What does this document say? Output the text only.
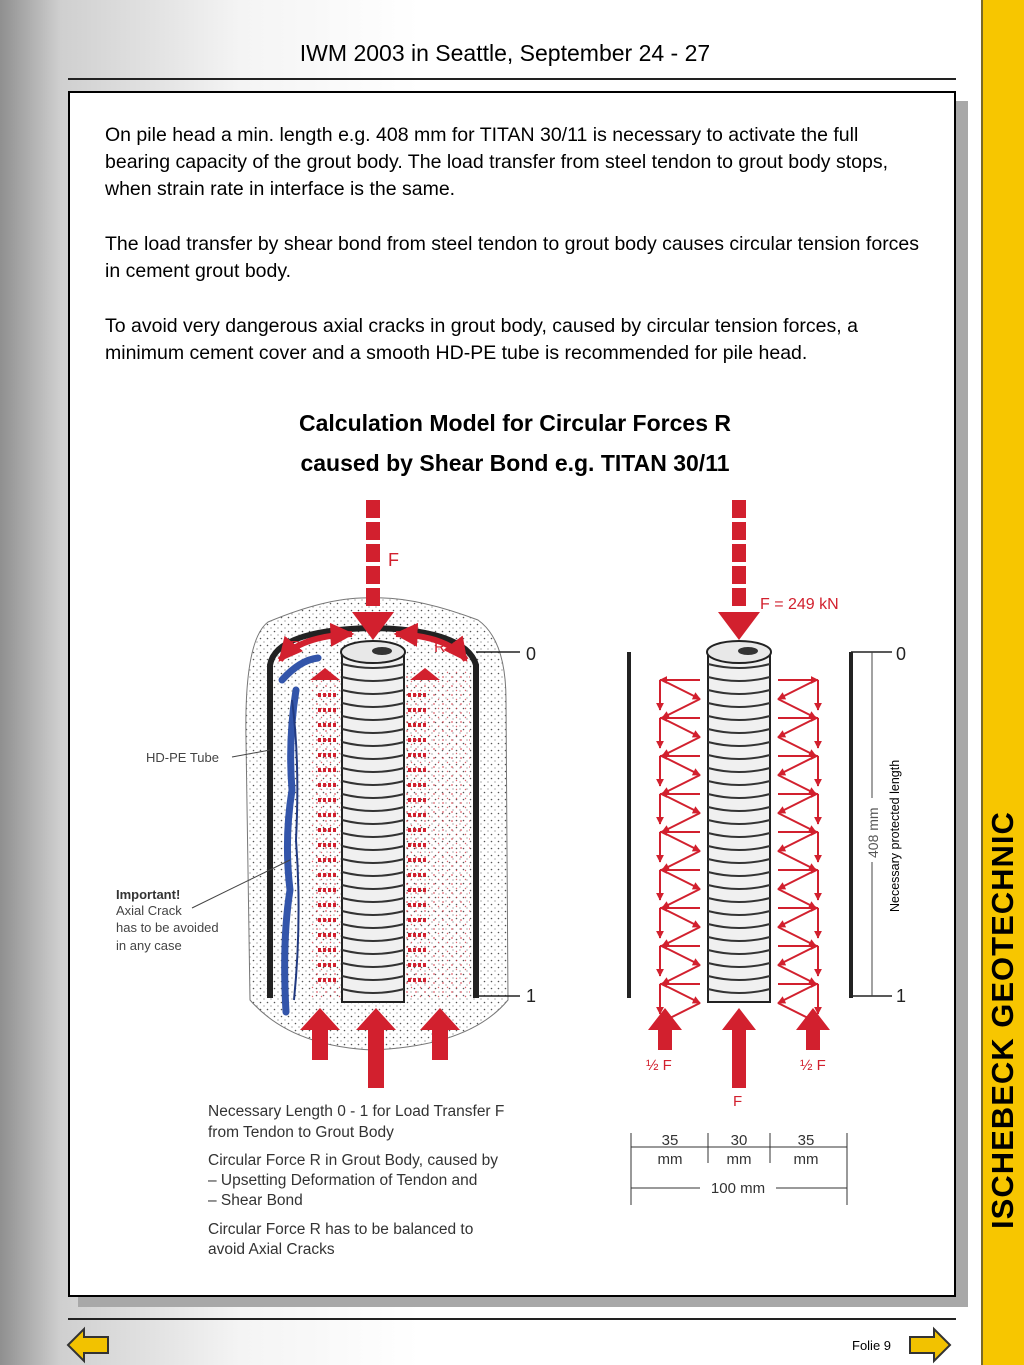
ISCHEBECK GEOTECHNIC
IWM 2003 in Seattle, September 24 - 27
On pile head a min. length e.g. 408 mm for TITAN 30/11 is necessary to activate the full bearing capacity of the grout body. The load transfer from steel tendon to grout body stops, when strain rate in interface is the same.
The load transfer by shear bond from steel tendon to grout body causes circular tension forces in cement grout body.
To avoid very dangerous axial cracks in grout body, caused by circular tension forces, a minimum cement cover and a smooth HD-PE tube is recommended for pile head.
Calculation Model for Circular Forces R
caused by Shear Bond e.g. TITAN 30/11
F
R	R	0
1
HD-PE Tube
Important!
Axial Crack
has to be avoided
in any case
Necessary Length 0 - 1 for Load Transfer F
from Tendon to Grout Body
Circular Force R in Grout Body, caused by
– Upsetting Deformation of Tendon and
– Shear Bond
Circular Force R has to be balanced to
avoid Axial Cracks
F = 249 kN
½ F	½ F
F
0
1
408 mm Necessary protected length
35
mm
30
mm
35
mm
100 mm
Folie 9
